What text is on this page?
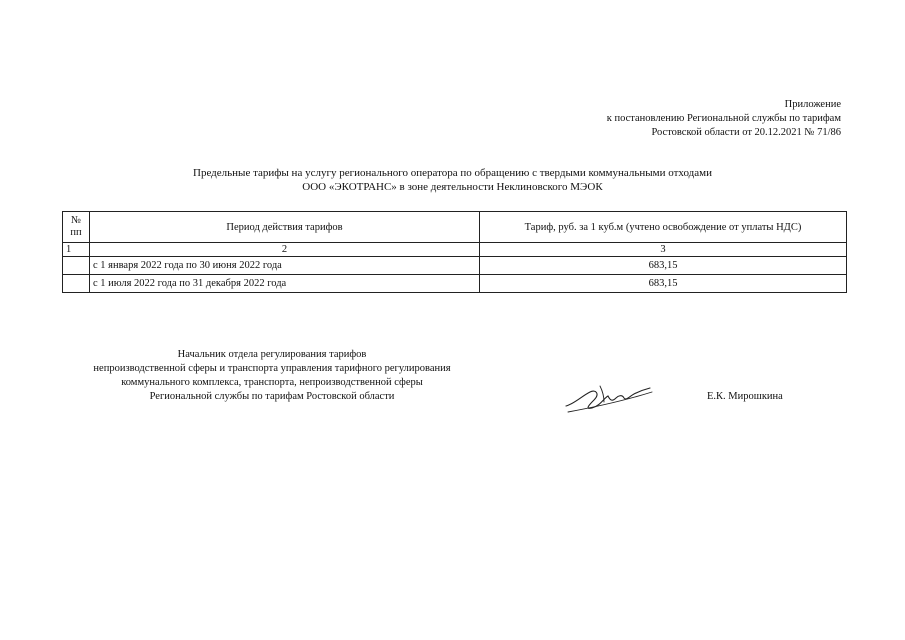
Приложение
к постановлению Региональной службы по тарифам
Ростовской области от 20.12.2021 № 71/86
Предельные тарифы на услугу регионального оператора по обращению с твердыми коммунальными отходами
ООО «ЭКОТРАНС» в зоне деятельности Неклиновского МЭОК
№
пп	Период действия тарифов	Тариф, руб. за 1 куб.м (учтено освобождение от уплаты НДС)
1	2	3
	с 1 января 2022 года по 30 июня 2022 года	683,15
	с 1 июля 2022 года по 31 декабря 2022 года	683,15
Начальник отдела регулирования тарифов
непроизводственной сферы и транспорта управления тарифного регулирования
коммунального комплекса, транспорта, непроизводственной сферы
Региональной службы по тарифам Ростовской области	Е.К. Мирошкина
